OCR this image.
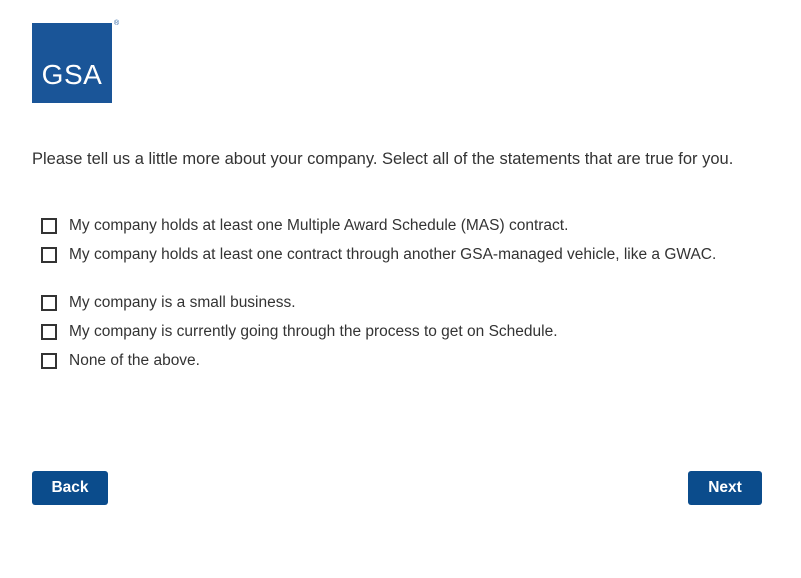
GSA
®

Please tell us a little more about your company. Select all of the statements that are true for you.

My company holds at least one Multiple Award Schedule (MAS) contract.
My company holds at least one contract through another GSA-managed vehicle, like a GWAC.
My company is a small business.
My company is currently going through the process to get on Schedule.
None of the above.
Back	Next
